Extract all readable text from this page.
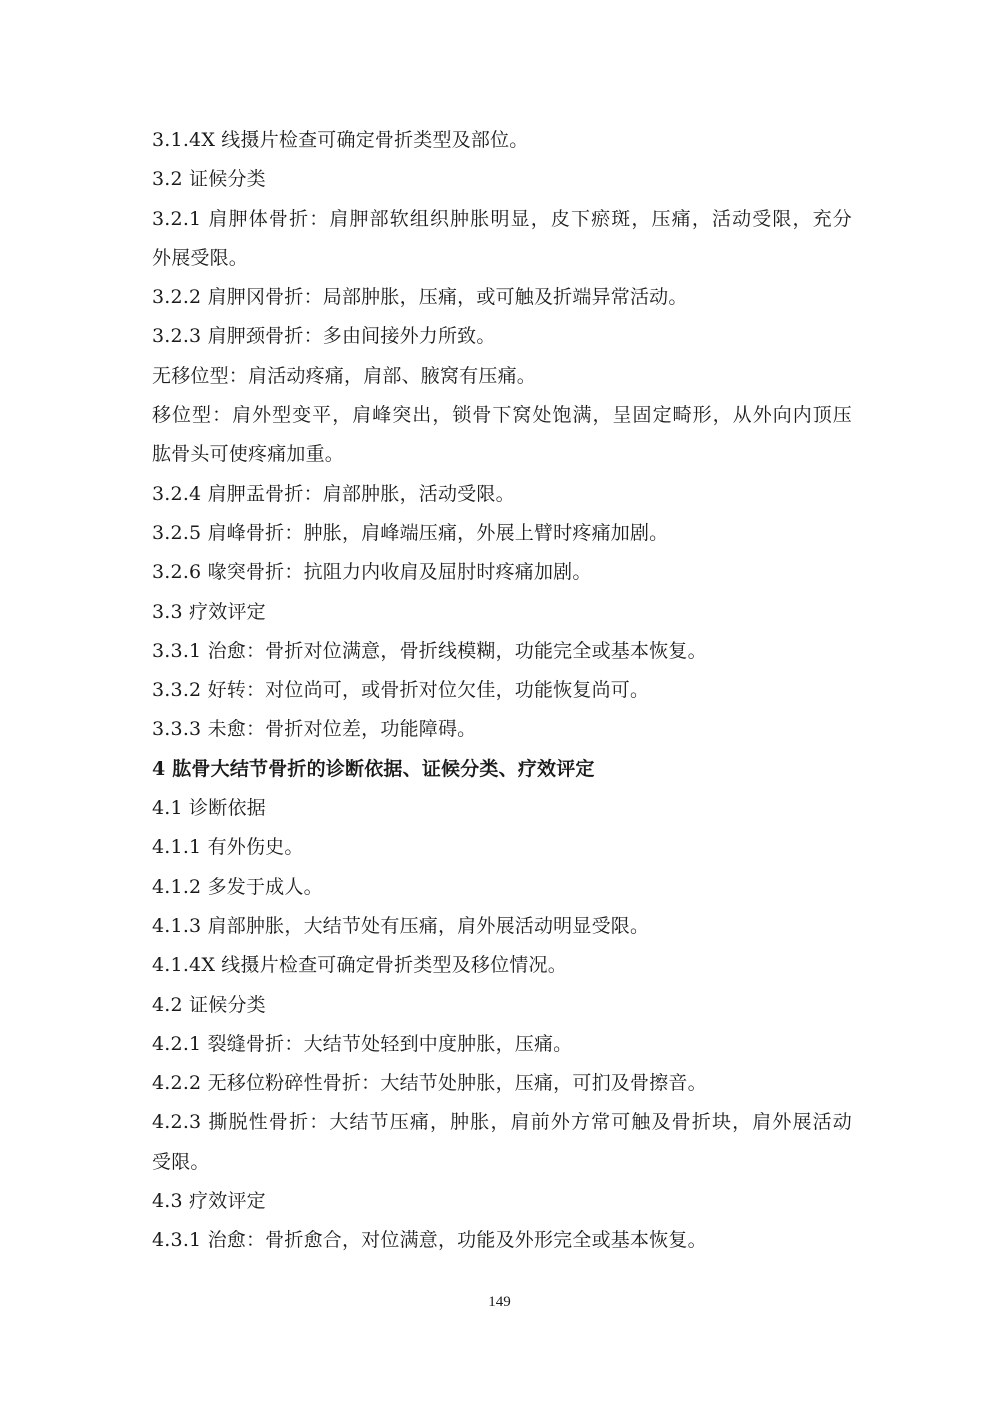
3.1.4X 线摄片检查可确定骨折类型及部位。
3.2 证候分类
3.2.1 肩胛体骨折：肩胛部软组织肿胀明显，皮下瘀斑，压痛，活动受限，充分
外展受限。
3.2.2 肩胛冈骨折：局部肿胀，压痛，或可触及折端异常活动。
3.2.3 肩胛颈骨折：多由间接外力所致。
无移位型：肩活动疼痛，肩部、腋窝有压痛。
移位型：肩外型变平，肩峰突出，锁骨下窝处饱满，呈固定畸形，从外向内顶压
肱骨头可使疼痛加重。
3.2.4 肩胛盂骨折：肩部肿胀，活动受限。
3.2.5 肩峰骨折：肿胀，肩峰端压痛，外展上臂时疼痛加剧。
3.2.6 喙突骨折：抗阻力内收肩及屈肘时疼痛加剧。
3.3 疗效评定
3.3.1 治愈：骨折对位满意，骨折线模糊，功能完全或基本恢复。
3.3.2 好转：对位尚可，或骨折对位欠佳，功能恢复尚可。
3.3.3 未愈：骨折对位差，功能障碍。
4 肱骨大结节骨折的诊断依据、证候分类、疗效评定
4.1 诊断依据
4.1.1 有外伤史。
4.1.2 多发于成人。
4.1.3 肩部肿胀，大结节处有压痛，肩外展活动明显受限。
4.1.4X 线摄片检查可确定骨折类型及移位情况。
4.2 证候分类
4.2.1 裂缝骨折：大结节处轻到中度肿胀，压痛。
4.2.2 无移位粉碎性骨折：大结节处肿胀，压痛，可扪及骨擦音。
4.2.3 撕脱性骨折：大结节压痛，肿胀，肩前外方常可触及骨折块，肩外展活动
受限。
4.3 疗效评定
4.3.1 治愈：骨折愈合，对位满意，功能及外形完全或基本恢复。
149
